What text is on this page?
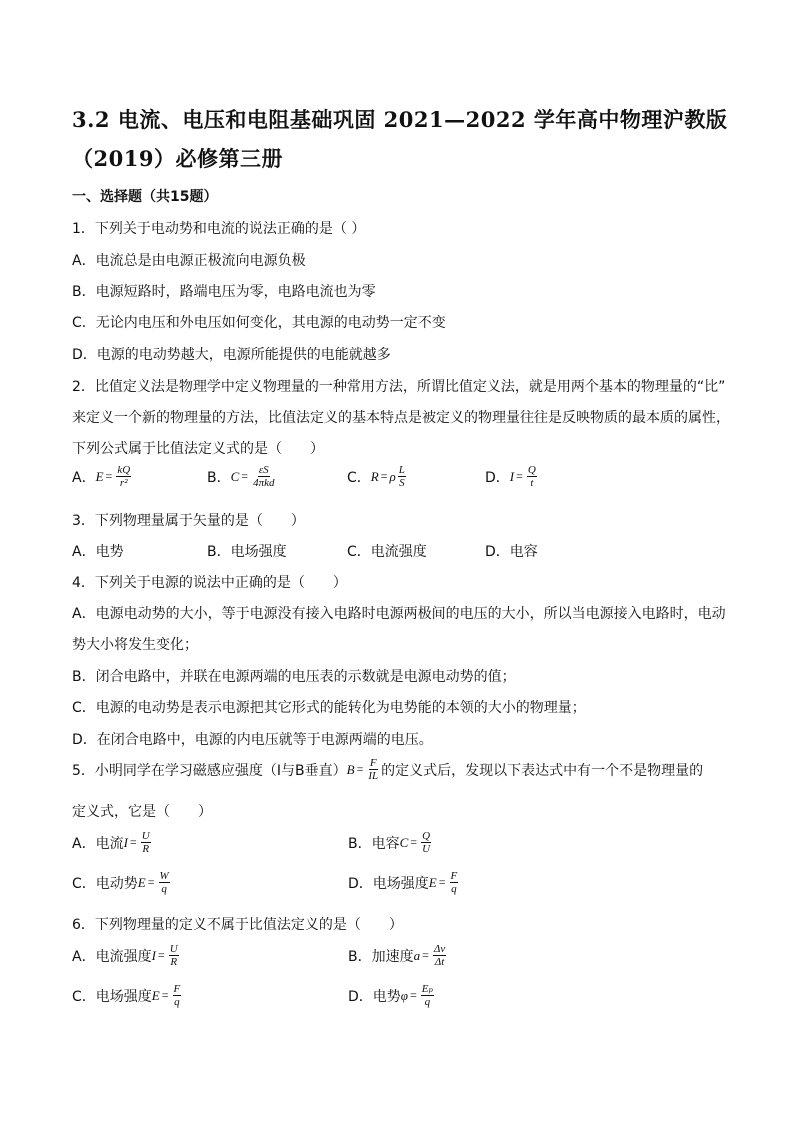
3.2 电流、电压和电阻基础巩固 2021—2022 学年高中物理沪教版
（2019）必修第三册
一、选择题（共15题）
1．下列关于电动势和电流的说法正确的是（ ）
A．电流总是由电源正极流向电源负极
B．电源短路时，路端电压为零，电路电流也为零
C．无论内电压和外电压如何变化，其电源的电动势一定不变
D．电源的电动势越大，电源所能提供的电能就越多
2．比值定义法是物理学中定义物理量的一种常用方法，所谓比值定义法，就是用两个基本的物理量的“比”
来定义一个新的物理量的方法，比值法定义的基本特点是被定义的物理量往往是反映物质的最本质的属性，
下列公式属于比值法定义式的是（　　）
A． $E = \frac{kQ}{\text{r²}}$	B． $C = \frac{\varepsilon S}{\text{4πkd}}$	C． R = ρ $\frac{L}{S}$	D． $I = \frac{Q}{t}$
3．下列物理量属于矢量的是（　　）
A．电势	B．电场强度	C．电流强度	D．电容
4．下列关于电源的说法中正确的是（　　）
A．电源电动势的大小，等于电源没有接入电路时电源两极间的电压的大小，所以当电源接入电路时，电动
势大小将发生变化；
B．闭合电路中，并联在电源两端的电压表的示数就是电源电动势的值；
C．电源的电动势是表示电源把其它形式的能转化为电势能的本领的大小的物理量；
D．在闭合电路中，电源的内电压就等于电源两端的电压。
5．小明同学在学习磁感应强度（ I与B垂直） $B = \frac{F}{IL}$ 的定义式后，发现以下表达式中有一个不是物理量的
定义式，它是（　　）
A．电流 $I = \frac{U}{R}$	B．电容 $C = \frac{Q}{U}$
C．电动势 $E = \frac{W}{q}$	D．电场强度 $E = \frac{F}{q}$
6．下列物理量的定义不属于比值法定义的是（　　）
A．电流强度 $I = \frac{U}{R}$	B．加速度 $a = \frac{\Delta v}{\Delta t}$
C．电场强度 $E = \frac{F}{q}$	D．电势 $\varphi = \frac{\text{Eₚ}}{q}$
